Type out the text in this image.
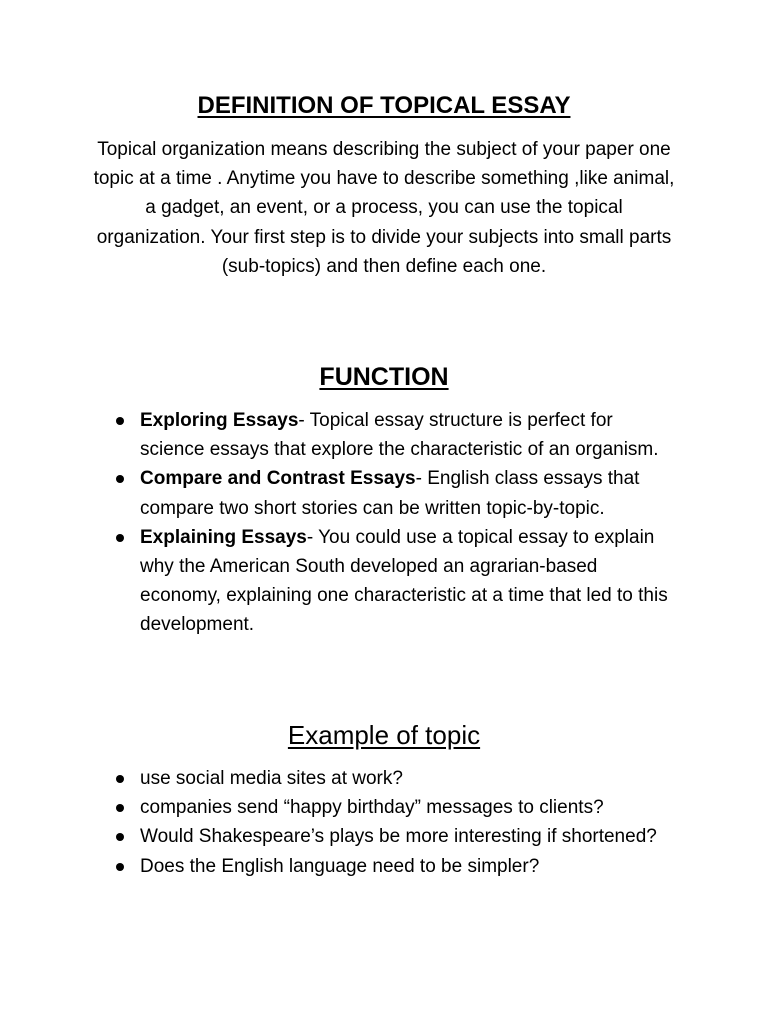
DEFINITION OF TOPICAL ESSAY

Topical organization means describing the subject of your paper one topic at a time . Anytime you have to describe something ,like animal, a gadget, an event, or a process, you can use the topical organization. Your first step is to divide your subjects into small parts (sub-topics) and then define each one.

FUNCTION
Exploring Essays- Topical essay structure is perfect for science essays that explore the characteristic of an organism.
Compare and Contrast Essays- English class essays that compare two short stories can be written topic-by-topic.
Explaining Essays- You could use a topical essay to explain why the American South developed an agrarian-based economy, explaining one characteristic at a time that led to this development.
Example of topic
use social media sites at work?
companies send “happy birthday” messages to clients?
Would Shakespeare’s plays be more interesting if shortened?
Does the English language need to be simpler?
